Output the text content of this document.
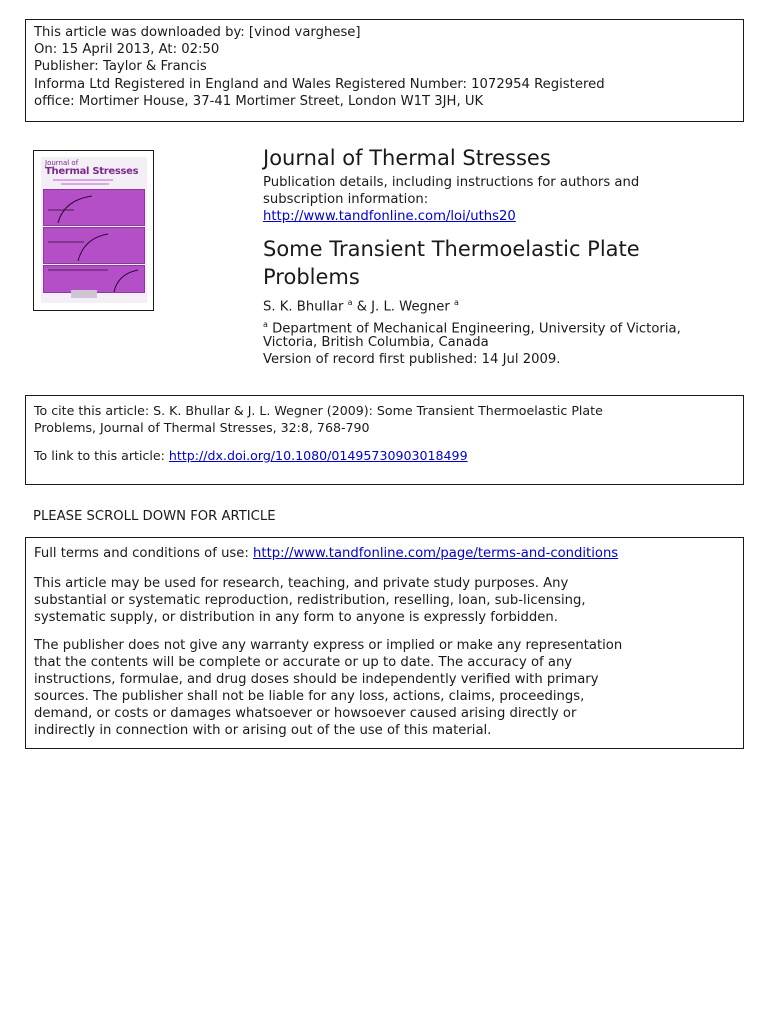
This article was downloaded by: [vinod varghese]
On: 15 April 2013, At: 02:50
Publisher: Taylor & Francis
Informa Ltd Registered in England and Wales Registered Number: 1072954 Registered
office: Mortimer House, 37-41 Mortimer Street, London W1T 3JH, UK
Journal of
Thermal Stresses
Journal of Thermal Stresses
Publication details, including instructions for authors and
subscription information:
http://www.tandfonline.com/loi/uths20
Some Transient Thermoelastic Plate Problems
S. K. Bhullar $^a$ & J. L. Wegner $^a$
$^a$ Department of Mechanical Engineering, University of Victoria,
Victoria, British Columbia, Canada
Version of record first published: 14 Jul 2009.
To cite this article: S. K. Bhullar & J. L. Wegner (2009): Some Transient Thermoelastic Plate
Problems, Journal of Thermal Stresses, 32:8, 768-790
To link to this article: http://dx.doi.org/10.1080/01495730903018499
PLEASE SCROLL DOWN FOR ARTICLE
Full terms and conditions of use: http://www.tandfonline.com/page/terms-and-conditions
This article may be used for research, teaching, and private study purposes. Any
substantial or systematic reproduction, redistribution, reselling, loan, sub-licensing,
systematic supply, or distribution in any form to anyone is expressly forbidden.
The publisher does not give any warranty express or implied or make any representation
that the contents will be complete or accurate or up to date. The accuracy of any
instructions, formulae, and drug doses should be independently verified with primary
sources. The publisher shall not be liable for any loss, actions, claims, proceedings,
demand, or costs or damages whatsoever or howsoever caused arising directly or
indirectly in connection with or arising out of the use of this material.
